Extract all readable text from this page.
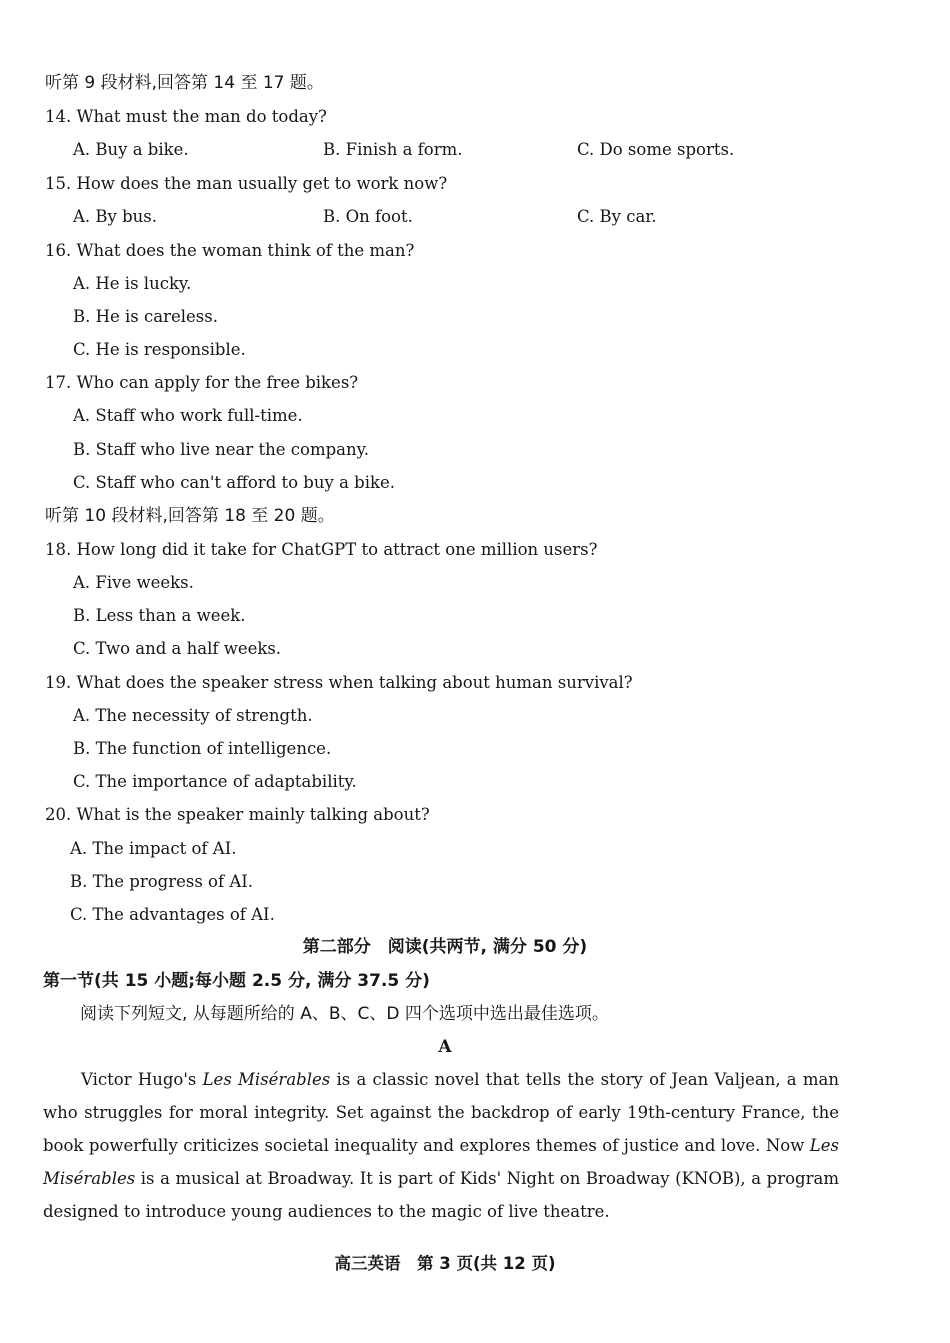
听第 9 段材料,回答第 14 至 17 题。
14. What must the man do today?
A. Buy a bike.	B. Finish a form.	C. Do some sports.
15. How does the man usually get to work now?
A. By bus.	B. On foot.	C. By car.
16. What does the woman think of the man?
A. He is lucky.
B. He is careless.
C. He is responsible.
17. Who can apply for the free bikes?
A. Staff who work full-time.
B. Staff who live near the company.
C. Staff who can't afford to buy a bike.
听第 10 段材料,回答第 18 至 20 题。
18. How long did it take for ChatGPT to attract one million users?
A. Five weeks.
B. Less than a week.
C. Two and a half weeks.
19. What does the speaker stress when talking about human survival?
A. The necessity of strength.
B. The function of intelligence.
C. The importance of adaptability.
20. What is the speaker mainly talking about?
A. The impact of AI.
B. The progress of AI.
C. The advantages of AI.
第二部分　阅读(共两节, 满分 50 分)
第一节(共 15 小题;每小题 2.5 分, 满分 37.5 分)
阅读下列短文, 从每题所给的 A、B、C、D 四个选项中选出最佳选项。
A
Victor Hugo's Les Misérables is a classic novel that tells the story of Jean Valjean, a man who struggles for moral integrity. Set against the backdrop of early 19th-century France, the book powerfully criticizes societal inequality and explores themes of justice and love. Now Les Misérables is a musical at Broadway. It is part of Kids' Night on Broadway (KNOB), a program designed to introduce young audiences to the magic of live theatre.
高三英语　第 3 页(共 12 页)
